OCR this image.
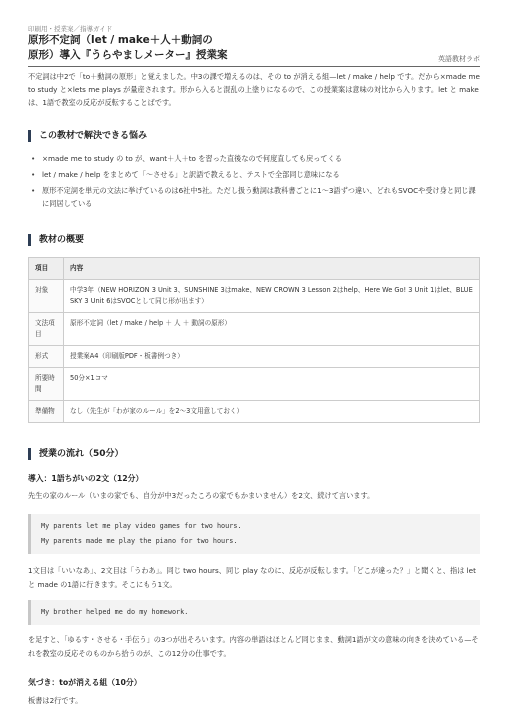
印刷用・授業案／指導ガイド
原形不定詞（let / make＋人＋動詞の
原形）導入『うらやましメーター』授業案	英語教材ラボ
不定詞は中2で「to＋動詞の原形」と覚えました。中3の課で増えるのは、その to が消える組—let / make / help です。だから×made me to study と×lets me plays が量産されます。形から入ると混乱の上塗りになるので、この授業案は意味の対比から入ります。let と make は、1語で教室の反応が反転することばです。
この教材で解決できる悩み
• ×made me to study の to が、want＋人＋to を習った直後なので何度直しても戻ってくる
• let / make / help をまとめて「〜させる」と訳語で教えると、テストで全部同じ意味になる
• 原形不定詞を単元の文法に挙げているのは6社中5社。ただし扱う動詞は教科書ごとに1〜3語ずつ違い、どれもSVOCや受け身と同じ課に同居している
教材の概要
項目	内容
対象	中学3年（NEW HORIZON 3 Unit 3、SUNSHINE 3はmake、NEW CROWN 3 Lesson 2はhelp、Here We Go! 3 Unit 1はlet、BLUE SKY 3 Unit 6はSVOCとして同じ形が出ます）
文法項目	原形不定詞（let / make / help ＋ 人 ＋ 動詞の原形）
形式	授業案A4（印刷版PDF・板書例つき）
所要時間	50分×1コマ
準備物	なし（先生が「わが家のルール」を2〜3文用意しておく）
授業の流れ（50分）
導入：1語ちがいの2文（12分）
先生の家のルール（いまの家でも、自分が中3だったころの家でもかまいません）を2文、続けて言います。
My parents let me play video games for two hours.
My parents made me play the piano for two hours.
1文目は「いいなあ」、2文目は「うわあ」。同じ two hours、同じ play なのに、反応が反転します。「どこが違った？」と聞くと、指は let と made の1語に行きます。そこにもう1文。
My brother helped me do my homework.
を足すと、「ゆるす・させる・手伝う」の3つが出そろいます。内容の単語はほとんど同じまま、動詞1語が文の意味の向きを決めている—それを教室の反応そのものから拾うのが、この12分の仕事です。
気づき：toが消える組（10分）
板書は2行です。
